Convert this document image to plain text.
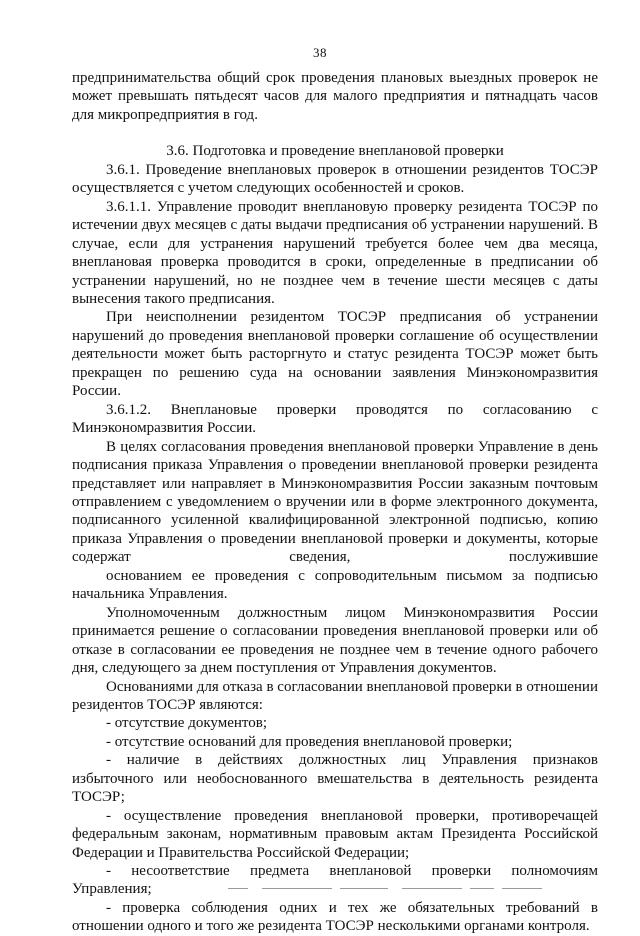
38

предпринимательства общий срок проведения плановых выездных проверок не может превышать пятьдесят часов для малого предприятия и пятнадцать часов для микропредприятия в год.

3.6. Подготовка и проведение внеплановой проверки

3.6.1. Проведение внеплановых проверок в отношении резидентов ТОСЭР осуществляется с учетом следующих особенностей и сроков.

3.6.1.1. Управление проводит внеплановую проверку резидента ТОСЭР по истечении двух месяцев с даты выдачи предписания об устранении нарушений. В случае, если для устранения нарушений требуется более чем два месяца, внеплановая проверка проводится в сроки, определенные в предписании об устранении нарушений, но не позднее чем в течение шести месяцев с даты вынесения такого предписания.

При неисполнении резидентом ТОСЭР предписания об устранении нарушений до проведения внеплановой проверки соглашение об осуществлении деятельности может быть расторгнуто и статус резидента ТОСЭР может быть прекращен по решению суда на основании заявления Минэкономразвития России.

3.6.1.2. Внеплановые проверки проводятся по согласованию с Минэкономразвития России.

В целях согласования проведения внеплановой проверки Управление в день подписания приказа Управления о проведении внеплановой проверки резидента представляет или направляет в Минэкономразвития России заказным почтовым отправлением с уведомлением о вручении или в форме электронного документа, подписанного усиленной квалифицированной электронной подписью, копию приказа Управления о проведении внеплановой проверки и документы, которые содержат сведения, послужившие

основанием ее проведения с сопроводительным письмом за подписью начальника Управления.

Уполномоченным должностным лицом Минэкономразвития России принимается решение о согласовании проведения внеплановой проверки или об отказе в согласовании ее проведения не позднее чем в течение одного рабочего дня, следующего за днем поступления от Управления документов.

Основаниями для отказа в согласовании внеплановой проверки в отношении резидентов ТОСЭР являются:

- отсутствие документов;

- отсутствие оснований для проведения внеплановой проверки;

- наличие в действиях должностных лиц Управления признаков избыточного или необоснованного вмешательства в деятельность резидента ТОСЭР;

- осуществление проведения внеплановой проверки, противоречащей федеральным законам, нормативным правовым актам Президента Российской Федерации и Правительства Российской Федерации;

- несоответствие предмета внеплановой проверки полномочиям Управления;

- проверка соблюдения одних и тех же обязательных требований в отношении одного и того же резидента ТОСЭР несколькими органами контроля.
